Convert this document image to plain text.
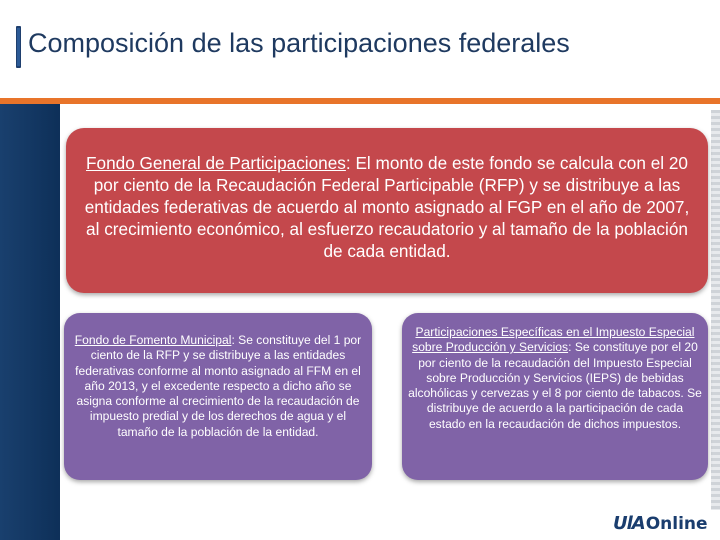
Composición de las participaciones federales
Fondo General de Participaciones: El monto de este fondo se calcula con el 20 por ciento de la Recaudación Federal Participable (RFP) y se distribuye a las entidades federativas de acuerdo al monto asignado al FGP en el año de 2007, al crecimiento económico, al esfuerzo recaudatorio y al tamaño de la población de cada entidad.
Fondo de Fomento Municipal: Se constituye del 1 por ciento de la RFP y se distribuye a las entidades federativas conforme al monto asignado al FFM en el año 2013, y el excedente respecto a dicho año se asigna conforme al crecimiento de la recaudación de impuesto predial y de los derechos de agua y el tamaño de la población de la entidad.
Participaciones Específicas en el Impuesto Especial sobre Producción y Servicios: Se constituye por el 20 por ciento de la recaudación del Impuesto Especial sobre Producción y Servicios (IEPS) de bebidas alcohólicas y cervezas y el 8 por ciento de tabacos. Se distribuye de acuerdo a la participación de cada estado en la recaudación de dichos impuestos.
UlA Online
